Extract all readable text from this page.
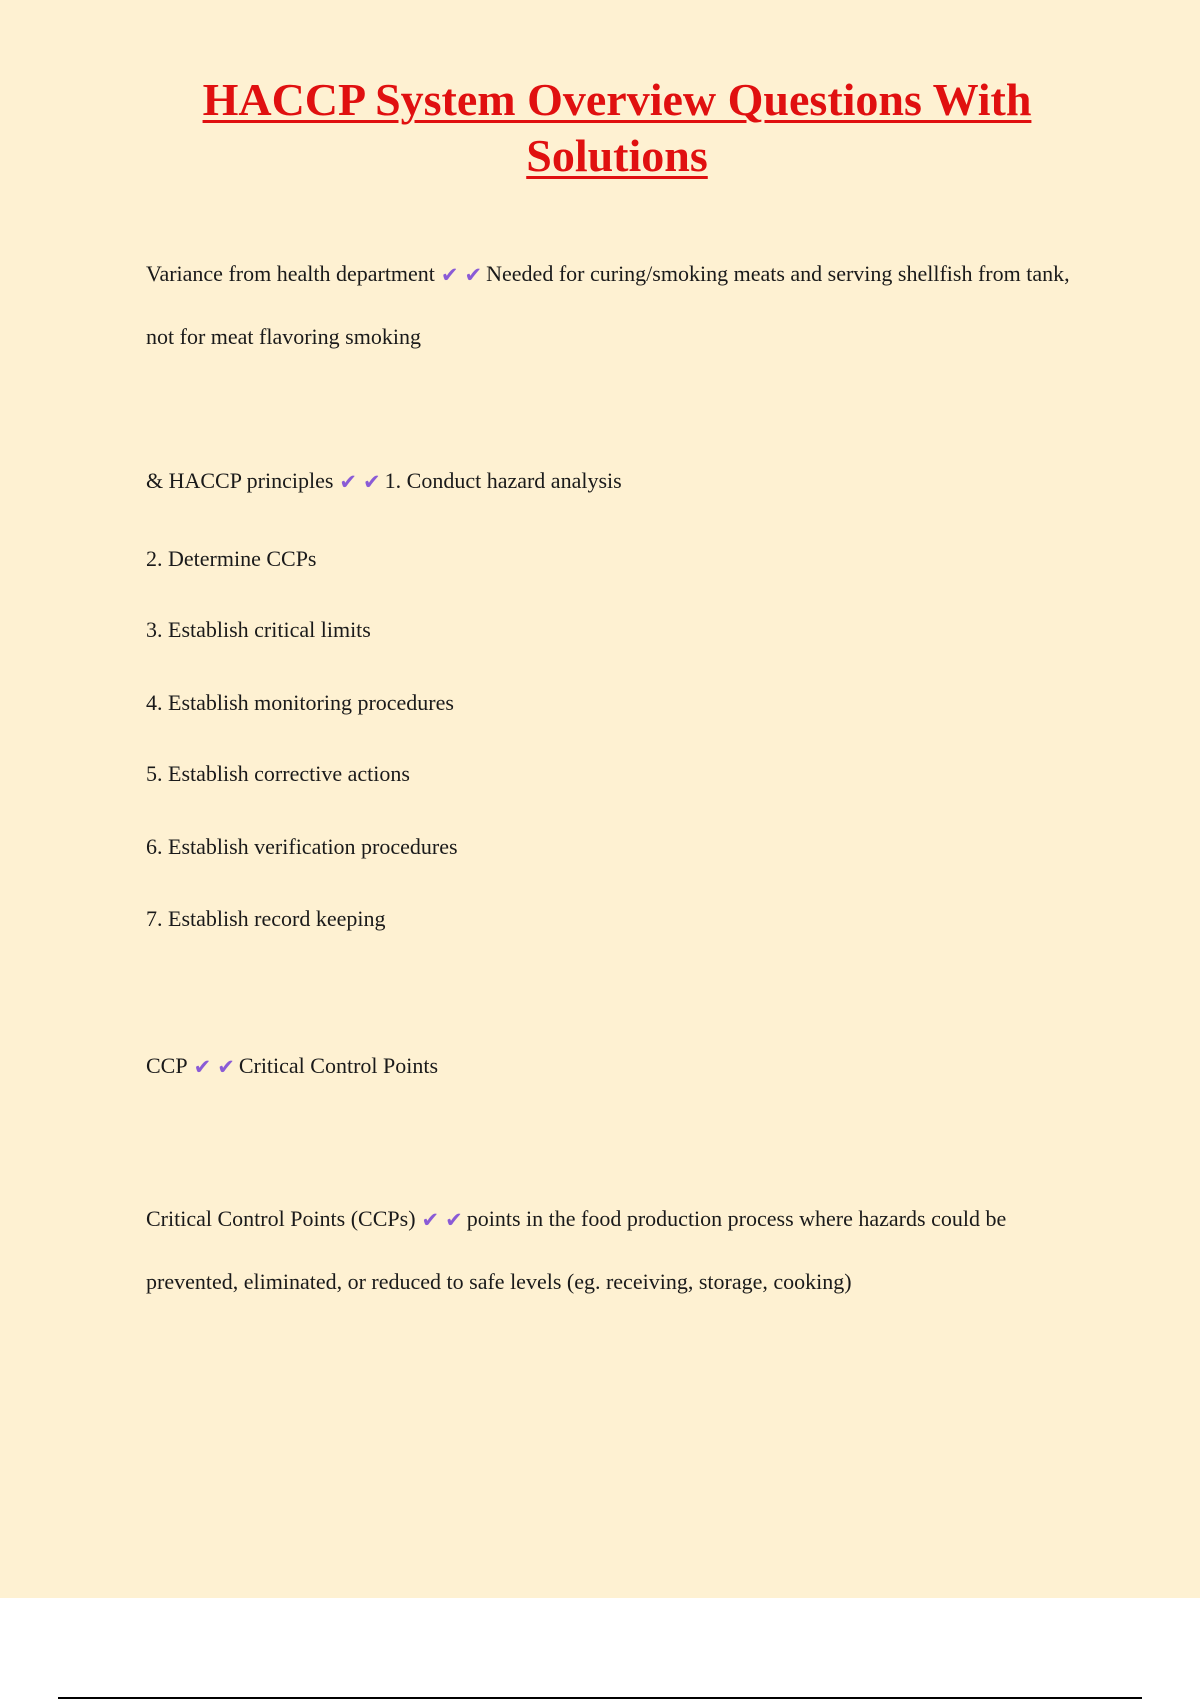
HACCP System Overview Questions With
Solutions

Variance from health department ✔ ✔ Needed for curing/smoking meats and serving shellfish from tank, not for meat flavoring smoking

& HACCP principles ✔ ✔ 1. Conduct hazard analysis

2. Determine CCPs

3. Establish critical limits

4. Establish monitoring procedures

5. Establish corrective actions

6. Establish verification procedures

7. Establish record keeping

CCP ✔ ✔ Critical Control Points

Critical Control Points (CCPs) ✔ ✔ points in the food production process where hazards could be prevented, eliminated, or reduced to safe levels (eg. receiving, storage, cooking)
